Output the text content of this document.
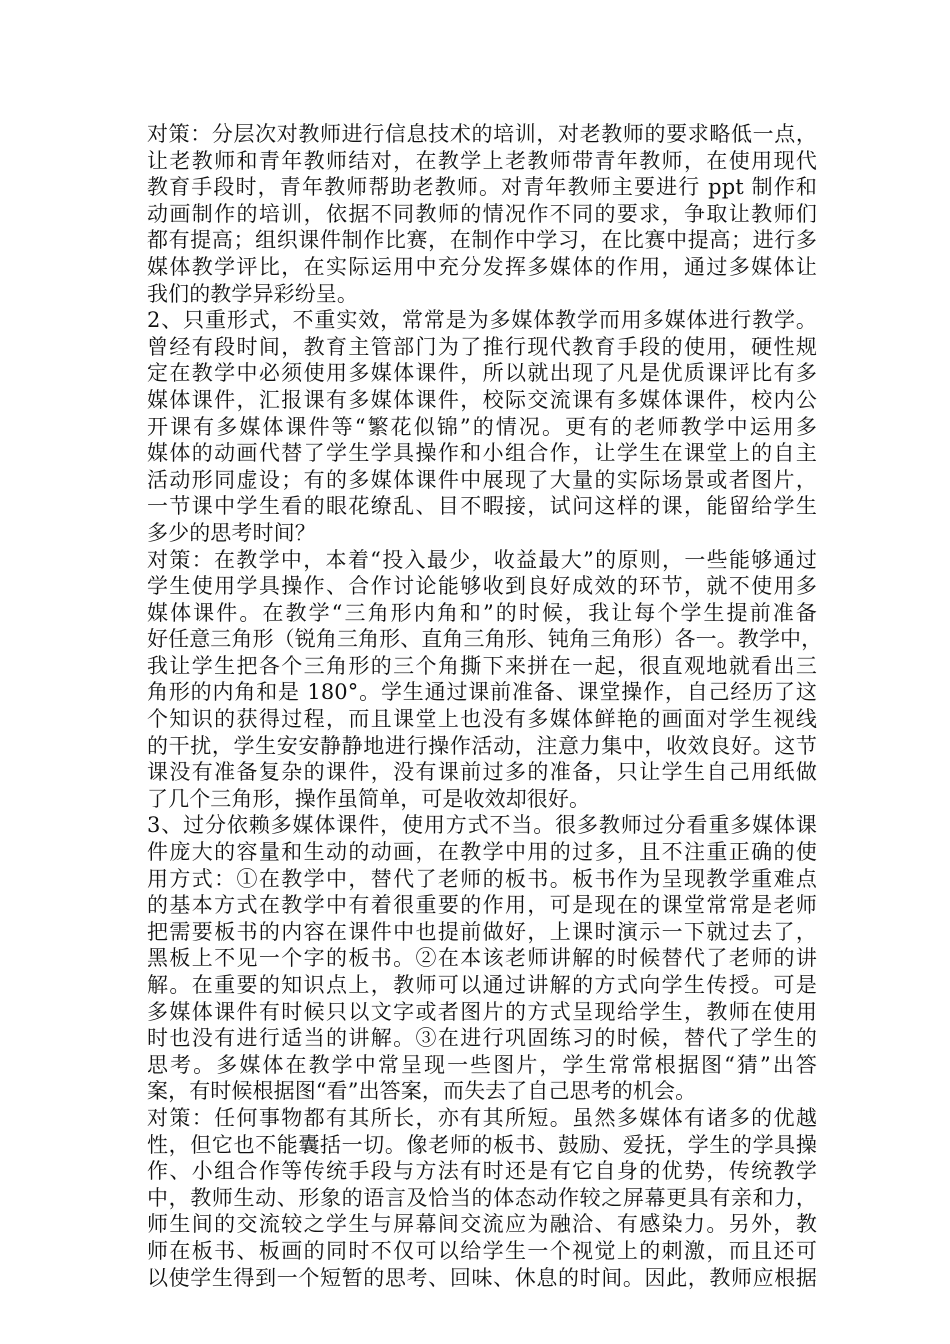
对策：分层次对教师进行信息技术的培训，对老教师的要求略低一点，
让老教师和青年教师结对，在教学上老教师带青年教师，在使用现代
教育手段时，青年教师帮助老教师。对青年教师主要进行 ppt 制作和
动画制作的培训，依据不同教师的情况作不同的要求，争取让教师们
都有提高；组织课件制作比赛，在制作中学习，在比赛中提高；进行多
媒体教学评比，在实际运用中充分发挥多媒体的作用，通过多媒体让
我们的教学异彩纷呈。
2、只重形式，不重实效，常常是为多媒体教学而用多媒体进行教学。
曾经有段时间，教育主管部门为了推行现代教育手段的使用，硬性规
定在教学中必须使用多媒体课件，所以就出现了凡是优质课评比有多
媒体课件，汇报课有多媒体课件，校际交流课有多媒体课件，校内公
开课有多媒体课件等“繁花似锦”的情况。更有的老师教学中运用多
媒体的动画代替了学生学具操作和小组合作，让学生在课堂上的自主
活动形同虚设；有的多媒体课件中展现了大量的实际场景或者图片，
一节课中学生看的眼花缭乱、目不暇接，试问这样的课，能留给学生
多少的思考时间？
对策：在教学中，本着“投入最少，收益最大”的原则，一些能够通过
学生使用学具操作、合作讨论能够收到良好成效的环节，就不使用多
媒体课件。在教学“三角形内角和”的时候，我让每个学生提前准备
好任意三角形（锐角三角形、直角三角形、钝角三角形）各一。教学中，
我让学生把各个三角形的三个角撕下来拼在一起，很直观地就看出三
角形的内角和是 180°。学生通过课前准备、课堂操作，自己经历了这
个知识的获得过程，而且课堂上也没有多媒体鲜艳的画面对学生视线
的干扰，学生安安静静地进行操作活动，注意力集中，收效良好。这节
课没有准备复杂的课件，没有课前过多的准备，只让学生自己用纸做
了几个三角形，操作虽简单，可是收效却很好。
3、过分依赖多媒体课件，使用方式不当。很多教师过分看重多媒体课
件庞大的容量和生动的动画，在教学中用的过多，且不注重正确的使
用方式：①在教学中，替代了老师的板书。板书作为呈现教学重难点
的基本方式在教学中有着很重要的作用，可是现在的课堂常常是老师
把需要板书的内容在课件中也提前做好，上课时演示一下就过去了，
黑板上不见一个字的板书。②在本该老师讲解的时候替代了老师的讲
解。在重要的知识点上，教师可以通过讲解的方式向学生传授。可是
多媒体课件有时候只以文字或者图片的方式呈现给学生，教师在使用
时也没有进行适当的讲解。③在进行巩固练习的时候，替代了学生的
思考。多媒体在教学中常呈现一些图片，学生常常根据图“猜”出答
案，有时候根据图“看”出答案，而失去了自己思考的机会。
对策：任何事物都有其所长，亦有其所短。虽然多媒体有诸多的优越
性，但它也不能囊括一切。像老师的板书、鼓励、爱抚，学生的学具操
作、小组合作等传统手段与方法有时还是有它自身的优势，传统教学
中，教师生动、形象的语言及恰当的体态动作较之屏幕更具有亲和力，
师生间的交流较之学生与屏幕间交流应为融洽、有感染力。另外，教
师在板书、板画的同时不仅可以给学生一个视觉上的刺激，而且还可
以使学生得到一个短暂的思考、回味、休息的时间。因此，教师应根据
